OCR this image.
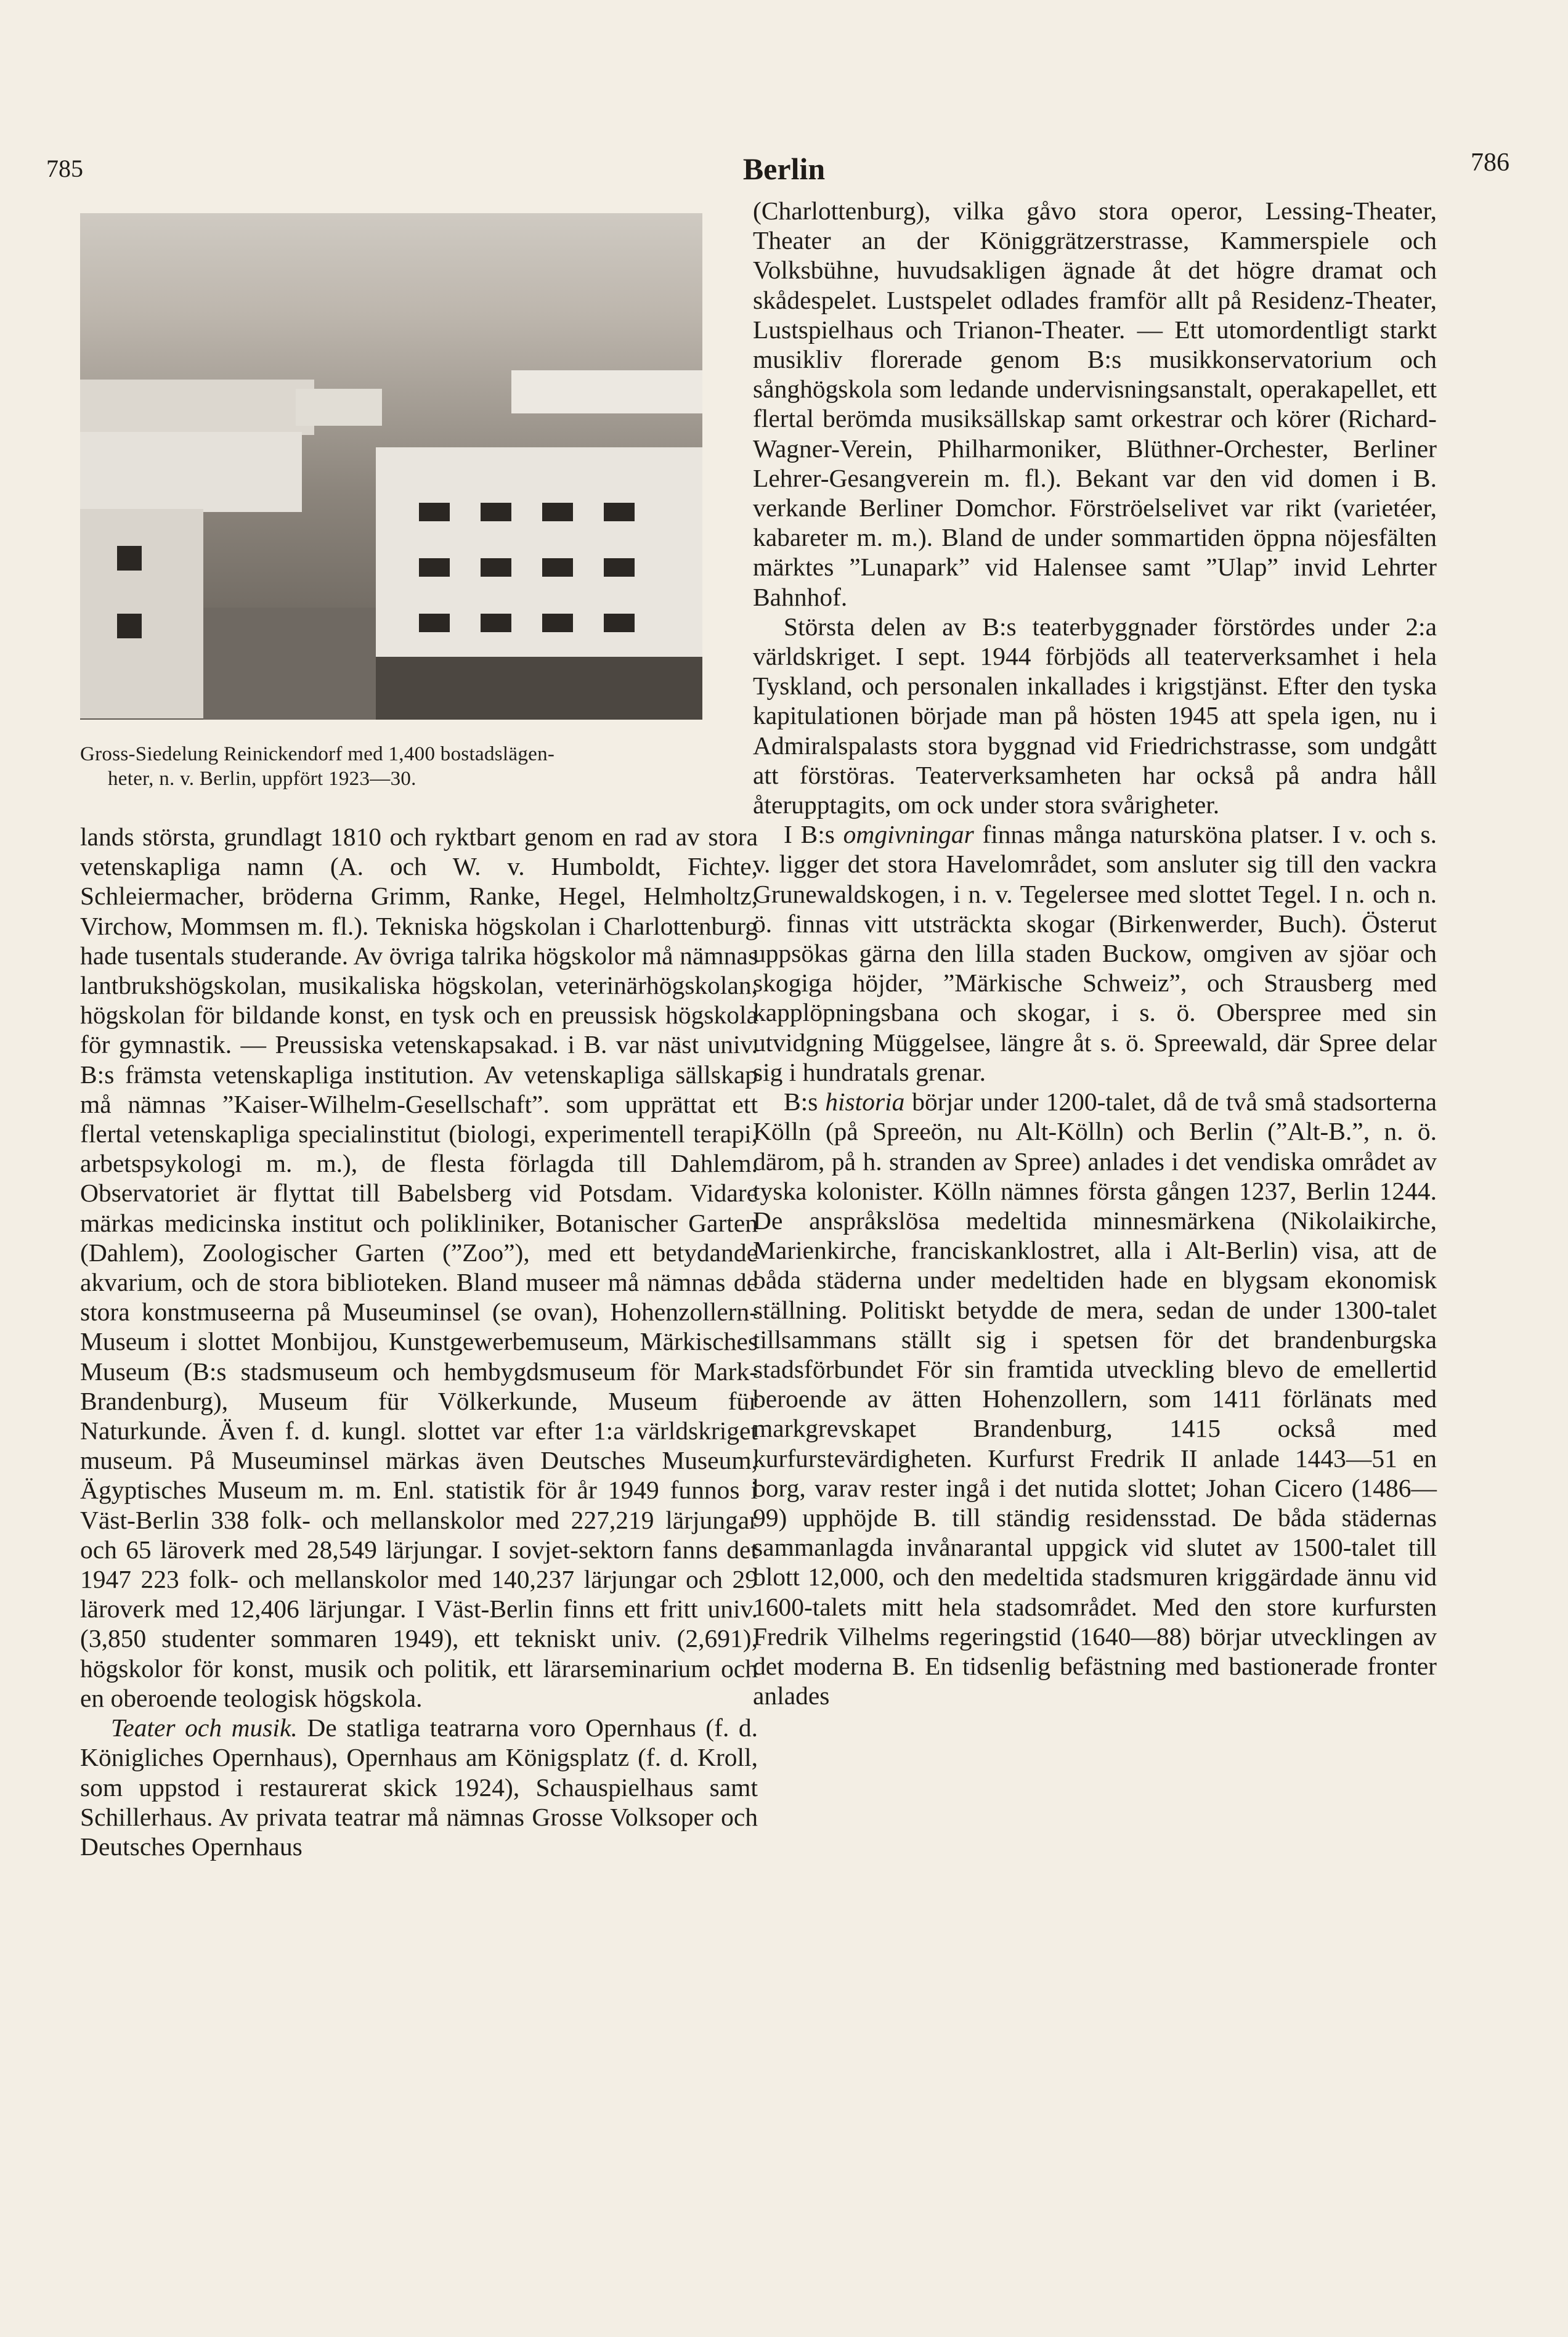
785	Berlin	786
Gross-Siedelung Reinickendorf med 1,400 bostadslägen-
heter, n. v. Berlin, uppfört 1923—30.

lands största, grundlagt 1810 och ryktbart genom en rad av stora vetenskapliga namn (A. och W. v. Humboldt, Fichte, Schleiermacher, bröderna Grimm, Ranke, Hegel, Helmholtz, Virchow, Mommsen m. fl.). Tekniska högskolan i Charlottenburg hade tusentals studerande. Av övriga talrika högskolor må nämnas lantbrukshögskolan, musikaliska högskolan, veterinärhögskolan, högskolan för bildande konst, en tysk och en preussisk högskola för gymnastik. — Preussiska vetenskapsakad. i B. var näst univ. B:s främsta vetenskapliga institution. Av vetenskapliga sällskap må nämnas ”Kaiser-Wilhelm-Gesellschaft”. som upprättat ett flertal vetenskapliga specialinstitut (biologi, experimentell terapi, arbetspsykologi m. m.), de flesta förlagda till Dahlem. Observatoriet är flyttat till Babelsberg vid Potsdam. Vidare märkas medicinska institut och polikliniker, Botanischer Garten (Dahlem), Zoologischer Garten (”Zoo”), med ett betydande akvarium, och de stora biblioteken. Bland museer må nämnas de stora konstmuseerna på Museuminsel (se ovan), Hohenzollern-Museum i slottet Monbijou, Kunstgewerbemuseum, Märkisches Museum (B:s stadsmuseum och hembygdsmuseum för Mark-Brandenburg), Museum für Völkerkunde, Museum für Naturkunde. Även f. d. kungl. slottet var efter 1:a världskriget museum. På Museuminsel märkas även Deutsches Museum, Ägyptisches Museum m. m. Enl. statistik för år 1949 funnos i Väst-Berlin 338 folk- och mellanskolor med 227,219 lärjungar och 65 läroverk med 28,549 lärjungar. I sovjet-sektorn fanns det 1947 223 folk- och mellanskolor med 140,237 lärjungar och 29 läroverk med 12,406 lärjungar. I Väst-Berlin finns ett fritt univ. (3,850 studenter sommaren 1949), ett tekniskt univ. (2,691), högskolor för konst, musik och politik, ett lärarseminarium och en oberoende teologisk högskola.

Teater och musik. De statliga teatrarna voro Opernhaus (f. d. Königliches Opernhaus), Opernhaus am Königsplatz (f. d. Kroll, som uppstod i restaurerat skick 1924), Schauspielhaus samt Schillerhaus. Av privata teatrar må nämnas Grosse Volksoper och Deutsches Opernhaus

(Charlottenburg), vilka gåvo stora operor, Lessing-Theater, Theater an der Königgrätzerstrasse, Kammerspiele och Volksbühne, huvudsakligen ägnade åt det högre dramat och skådespelet. Lustspelet odlades framför allt på Residenz-Theater, Lustspielhaus och Trianon-Theater. — Ett utomordentligt starkt musikliv florerade genom B:s musikkonservatorium och sånghögskola som ledande undervisningsanstalt, operakapellet, ett flertal berömda musiksällskap samt orkestrar och körer (Richard-Wagner-Verein, Philharmoniker, Blüthner-Orchester, Berliner Lehrer-Gesangverein m. fl.). Bekant var den vid domen i B. verkande Berliner Domchor. Förströelselivet var rikt (varietéer, kabareter m. m.). Bland de under sommartiden öppna nöjesfälten märktes ”Lunapark” vid Halensee samt ”Ulap” invid Lehrter Bahnhof.

Största delen av B:s teaterbyggnader förstördes under 2:a världskriget. I sept. 1944 förbjöds all teaterverksamhet i hela Tyskland, och personalen inkallades i krigstjänst. Efter den tyska kapitulationen började man på hösten 1945 att spela igen, nu i Admiralspalasts stora byggnad vid Friedrichstrasse, som undgått att förstöras. Teaterverksamheten har också på andra håll återupptagits, om ock under stora svårigheter.

I B:s omgivningar finnas många natursköna platser. I v. och s. v. ligger det stora Havelområdet, som ansluter sig till den vackra Grunewaldskogen, i n. v. Tegelersee med slottet Tegel. I n. och n. ö. finnas vitt utsträckta skogar (Birkenwerder, Buch). Österut uppsökas gärna den lilla staden Buckow, omgiven av sjöar och skogiga höjder, ”Märkische Schweiz”, och Strausberg med kapplöpningsbana och skogar, i s. ö. Oberspree med sin utvidgning Müggelsee, längre åt s. ö. Spreewald, där Spree delar sig i hundratals grenar.

B:s historia börjar under 1200-talet, då de två små stadsorterna Kölln (på Spreeön, nu Alt-Kölln) och Berlin (”Alt-B.”, n. ö. därom, på h. stranden av Spree) anlades i det vendiska området av tyska kolonister. Kölln nämnes första gången 1237, Berlin 1244. De anspråkslösa medeltida minnesmärkena (Nikolaikirche, Marienkirche, franciskanklostret, alla i Alt-Berlin) visa, att de båda städerna under medeltiden hade en blygsam ekonomisk ställning. Politiskt betydde de mera, sedan de under 1300-talet tillsammans ställt sig i spetsen för det brandenburgska stadsförbundet För sin framtida utveckling blevo de emellertid beroende av ätten Hohenzollern, som 1411 förlänats med markgrevskapet Brandenburg, 1415 också med kurfurstevärdigheten. Kurfurst Fredrik II anlade 1443—51 en borg, varav rester ingå i det nutida slottet; Johan Cicero (1486—99) upphöjde B. till ständig residensstad. De båda städernas sammanlagda invånarantal uppgick vid slutet av 1500-talet till blott 12,000, och den medeltida stadsmuren kriggärdade ännu vid 1600-talets mitt hela stadsområdet. Med den store kurfursten Fredrik Vilhelms regeringstid (1640—88) börjar utvecklingen av det moderna B. En tidsenlig befästning med bastionerade fronter anlades
